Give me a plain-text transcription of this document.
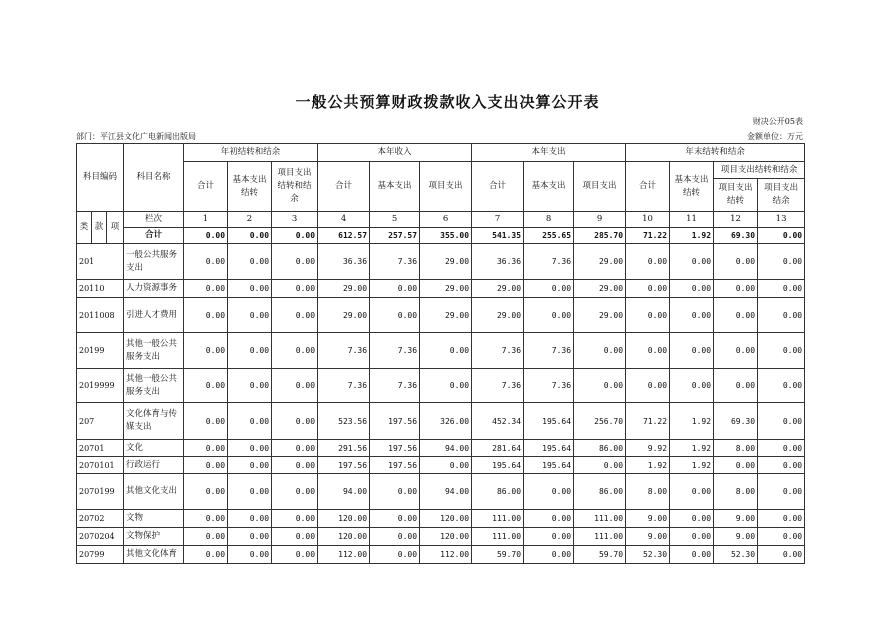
一般公共预算财政拨款收入支出决算公开表
财决公开05表
部门：平江县文化广电新闻出版局	金额单位：万元
科目编码			科目名称	年初结转和结余			本年收入			本年支出			年末结转和结余			
				合计	基本支出结转	项目支出结转和结余	合计	基本支出	项目支出	合计	基本支出	项目支出	合计	基本支出结转	项目支出结转和结余	
															项目支出结转	项目支出结余
类	款	项	栏次	1	2	3	4	5	6	7	8	9	10	11	12	13
			合计	0.00	0.00	0.00	612.57	257.57	355.00	541.35	255.65	285.70	71.22	1.92	69.30	0.00
201			一般公共服务支出	0.00	0.00	0.00	36.36	7.36	29.00	36.36	7.36	29.00	0.00	0.00	0.00	0.00
20110			人力资源事务	0.00	0.00	0.00	29.00	0.00	29.00	29.00	0.00	29.00	0.00	0.00	0.00	0.00
2011008			引进人才费用	0.00	0.00	0.00	29.00	0.00	29.00	29.00	0.00	29.00	0.00	0.00	0.00	0.00
20199			其他一般公共服务支出	0.00	0.00	0.00	7.36	7.36	0.00	7.36	7.36	0.00	0.00	0.00	0.00	0.00
2019999			其他一般公共服务支出	0.00	0.00	0.00	7.36	7.36	0.00	7.36	7.36	0.00	0.00	0.00	0.00	0.00
207			文化体育与传媒支出	0.00	0.00	0.00	523.56	197.56	326.00	452.34	195.64	256.70	71.22	1.92	69.30	0.00
20701			文化	0.00	0.00	0.00	291.56	197.56	94.00	281.64	195.64	86.00	9.92	1.92	8.00	0.00
2070101			行政运行	0.00	0.00	0.00	197.56	197.56	0.00	195.64	195.64	0.00	1.92	1.92	0.00	0.00
2070199			其他文化支出	0.00	0.00	0.00	94.00	0.00	94.00	86.00	0.00	86.00	8.00	0.00	8.00	0.00
20702			文物	0.00	0.00	0.00	120.00	0.00	120.00	111.00	0.00	111.00	9.00	0.00	9.00	0.00
2070204			文物保护	0.00	0.00	0.00	120.00	0.00	120.00	111.00	0.00	111.00	9.00	0.00	9.00	0.00
20799			其他文化体育	0.00	0.00	0.00	112.00	0.00	112.00	59.70	0.00	59.70	52.30	0.00	52.30	0.00
